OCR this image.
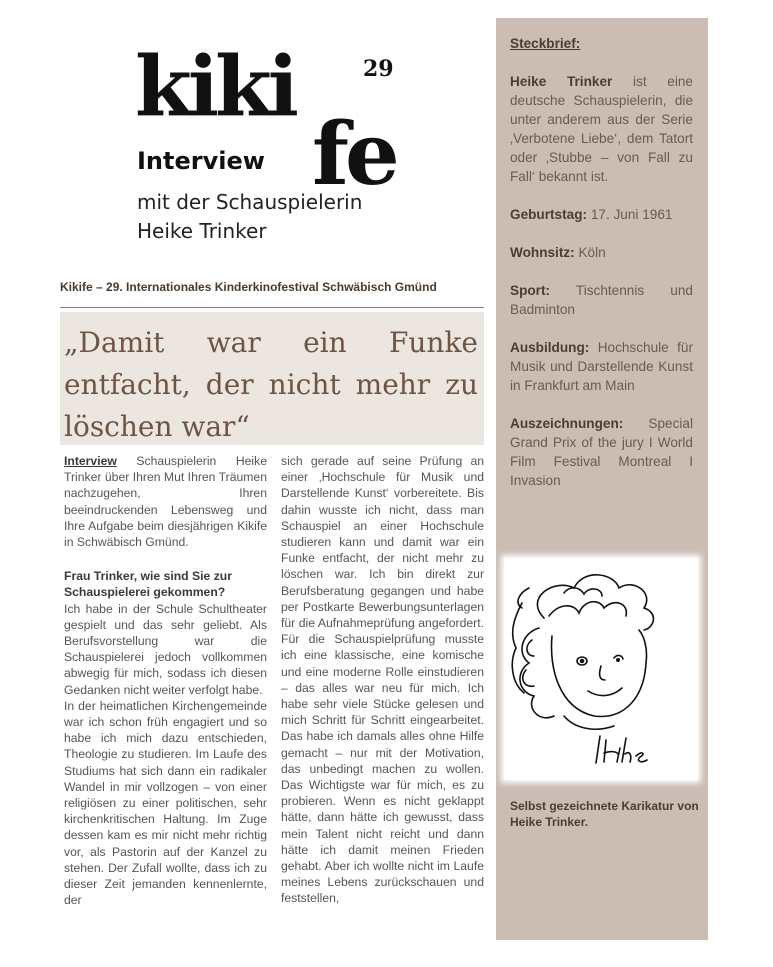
kiki	29
fe
Interview
mit der Schauspielerin
Heike Trinker
Kikife – 29. Internationales Kinderkinofestival Schwäbisch Gmünd
„Damit war ein Funke
entfacht, der nicht mehr zu
löschen war“

Interview Schauspielerin Heike Trinker über Ihren Mut Ihren Träumen nachzugehen, Ihren beeindruckenden Lebensweg und Ihre Aufgabe beim diesjährigen Kikife in Schwäbisch Gmünd.

Frau Trinker, wie sind Sie zur Schauspielerei gekommen?

Ich habe in der Schule Schultheater gespielt und das sehr geliebt. Als Berufsvorstellung war die Schauspielerei jedoch vollkommen abwegig für mich, sodass ich diesen Gedanken nicht weiter verfolgt habe.

In der heimatlichen Kirchengemeinde war ich schon früh engagiert und so habe ich mich dazu entschieden, Theologie zu studieren. Im Laufe des Studiums hat sich dann ein radikaler Wandel in mir vollzogen – von einer religiösen zu einer politischen, sehr kirchenkritischen Haltung. Im Zuge dessen kam es mir nicht mehr richtig vor, als Pastorin auf der Kanzel zu stehen. Der Zufall wollte, dass ich zu dieser Zeit jemanden kennenlernte, der

sich gerade auf seine Prüfung an einer ‚Hochschule für Musik und Darstellende Kunst‘ vorbereitete. Bis dahin wusste ich nicht, dass man Schauspiel an einer Hochschule studieren kann und damit war ein Funke entfacht, der nicht mehr zu löschen war. Ich bin direkt zur Berufsberatung gegangen und habe per Postkarte Bewerbungsunterlagen für die Aufnahmeprüfung angefordert. Für die Schauspielprüfung musste ich eine klassische, eine komische und eine moderne Rolle einstudieren – das alles war neu für mich. Ich habe sehr viele Stücke gelesen und mich Schritt für Schritt eingearbeitet. Das habe ich damals alles ohne Hilfe gemacht – nur mit der Motivation, das unbedingt machen zu wollen. Das Wichtigste war für mich, es zu probieren. Wenn es nicht geklappt hätte, dann hätte ich gewusst, dass mein Talent nicht reicht und dann hätte ich damit meinen Frieden gehabt. Aber ich wollte nicht im Laufe meines Lebens zurückschauen und feststellen,

Steckbrief:
Heike Trinker ist eine deutsche Schauspielerin, die unter anderem aus der Serie ‚Verbotene Liebe‘, dem Tatort oder ‚Stubbe – von Fall zu Fall‘ bekannt ist.
Geburtstag: 17. Juni 1961
Wohnsitz: Köln
Sport: Tischtennis und Badminton
Ausbildung: Hochschule für Musik und Darstellende Kunst in Frankfurt am Main
Auszeichnungen: Special Grand Prix of the jury I World Film Festival Montreal I Invasion
Selbst gezeichnete Karikatur von Heike Trinker.
